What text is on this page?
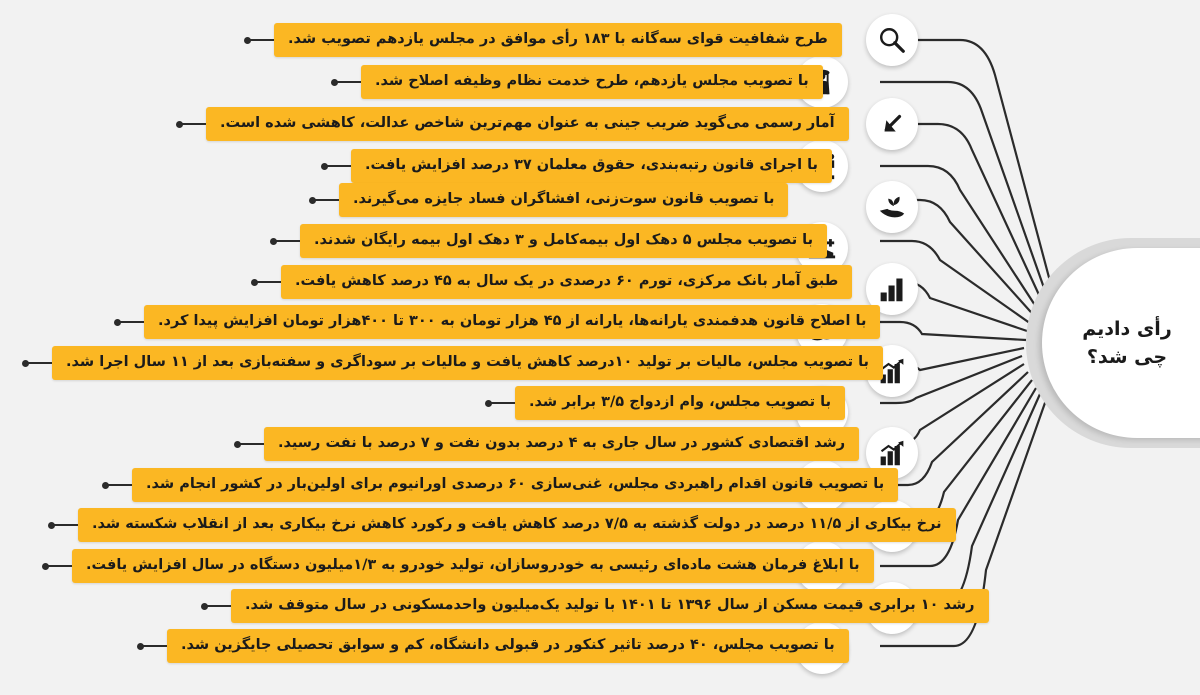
رأی دادیم
چی شد؟
طرح شفافیت قوای سه‌گانه با ۱۸۳ رأی موافق در مجلس یازدهم تصویب شد.
با تصویب مجلس یازدهم، طرح خدمت نظام وظیفه اصلاح شد.
آمار رسمی می‌گوید ضریب جینی به عنوان مهم‌ترین شاخص عدالت، کاهشی شده است.
با اجرای قانون رتبه‌بندی، حقوق معلمان ۳۷ درصد افزایش یافت.
با تصویب قانون سوت‌زنی، افشاگران فساد جایزه می‌گیرند.
با تصویب مجلس ۵ دهک اول بیمه‌کامل و ۳ دهک اول بیمه رایگان شدند.
طبق آمار بانک مرکزی، تورم ۶۰ درصدی در یک سال به ۴۵ درصد کاهش یافت.
با اصلاح قانون هدفمندی یارانه‌ها، یارانه از ۴۵ هزار تومان به ۳۰۰ تا ۴۰۰هزار تومان افزایش پیدا کرد.
با تصویب مجلس، مالیات بر تولید ۱۰درصد کاهش یافت و مالیات بر سوداگری و سفته‌بازی بعد از ۱۱ سال اجرا شد.
با تصویب مجلس، وام ازدواج ۳/۵ برابر شد.
رشد اقتصادی کشور در سال جاری به ۴ درصد بدون نفت و ۷ درصد با نفت رسید.
با تصویب قانون اقدام راهبردی مجلس، غنی‌سازی ۶۰ درصدی اورانیوم برای اولین‌بار در کشور انجام شد.
نرخ بیکاری از ۱۱/۵ درصد در دولت گذشته به ۷/۵ درصد کاهش یافت و رکورد کاهش نرخ بیکاری بعد از انقلاب شکسته شد.
با ابلاغ فرمان هشت ماده‌ای رئیسی به خودروسازان، تولید خودرو به ۱/۳میلیون دستگاه در سال افزایش یافت.
رشد ۱۰ برابری قیمت مسکن از سال ۱۳۹۶ تا ۱۴۰۱ با تولید یک‌میلیون واحدمسکونی در سال متوقف شد.
با تصویب مجلس، ۴۰ درصد تاثیر کنکور در قبولی دانشگاه، کم و سوابق تحصیلی جایگزین شد.
